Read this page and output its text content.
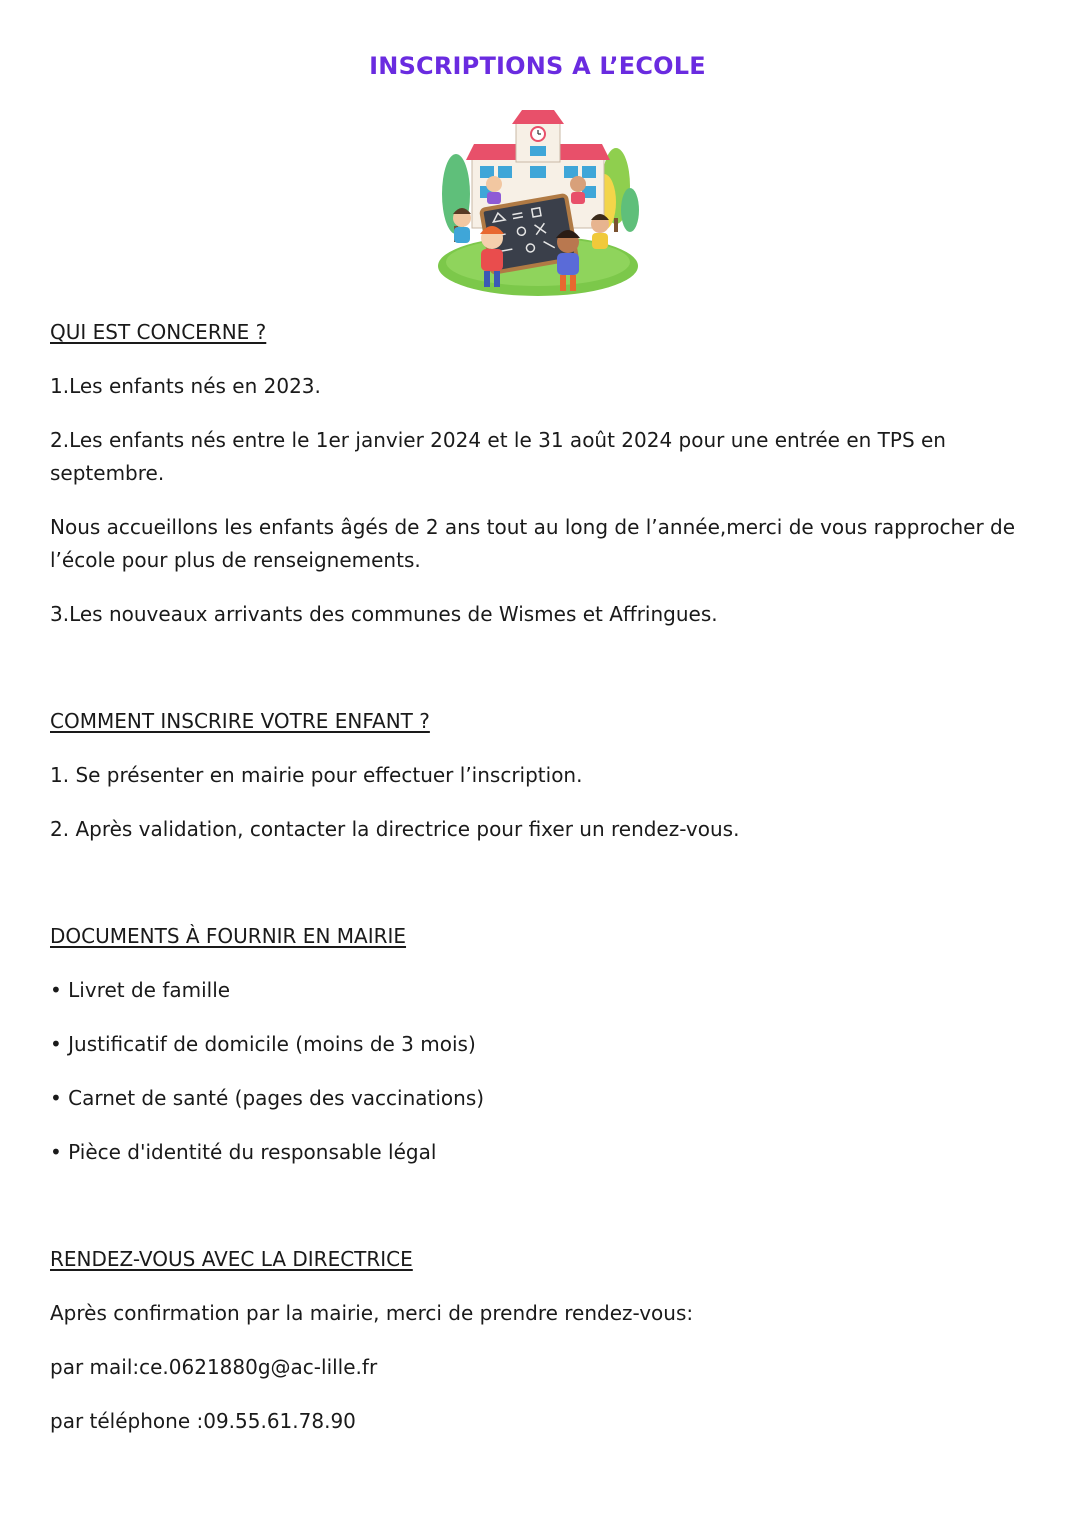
INSCRIPTIONS A L’ECOLE

QUI EST CONCERNE ?

1.Les enfants nés en 2023.

2.Les enfants nés entre le 1er janvier 2024 et le 31 août 2024 pour une entrée en TPS en septembre.

Nous accueillons les enfants âgés de 2 ans tout au long de l’année,merci de vous rapprocher de l’école pour plus de renseignements.

3.Les nouveaux arrivants des communes de Wismes et Affringues.

COMMENT INSCRIRE VOTRE ENFANT ?

1. Se présenter en mairie pour effectuer l’inscription.

2. Après validation, contacter la directrice pour fixer un rendez-vous.

DOCUMENTS À FOURNIR EN MAIRIE

• Livret de famille

• Justificatif de domicile (moins de 3 mois)

• Carnet de santé (pages des vaccinations)

• Pièce d'identité du responsable légal

RENDEZ-VOUS AVEC LA DIRECTRICE

Après confirmation par la mairie, merci de prendre rendez-vous:

par mail:ce.0621880g@ac-lille.fr

par téléphone :09.55.61.78.90
